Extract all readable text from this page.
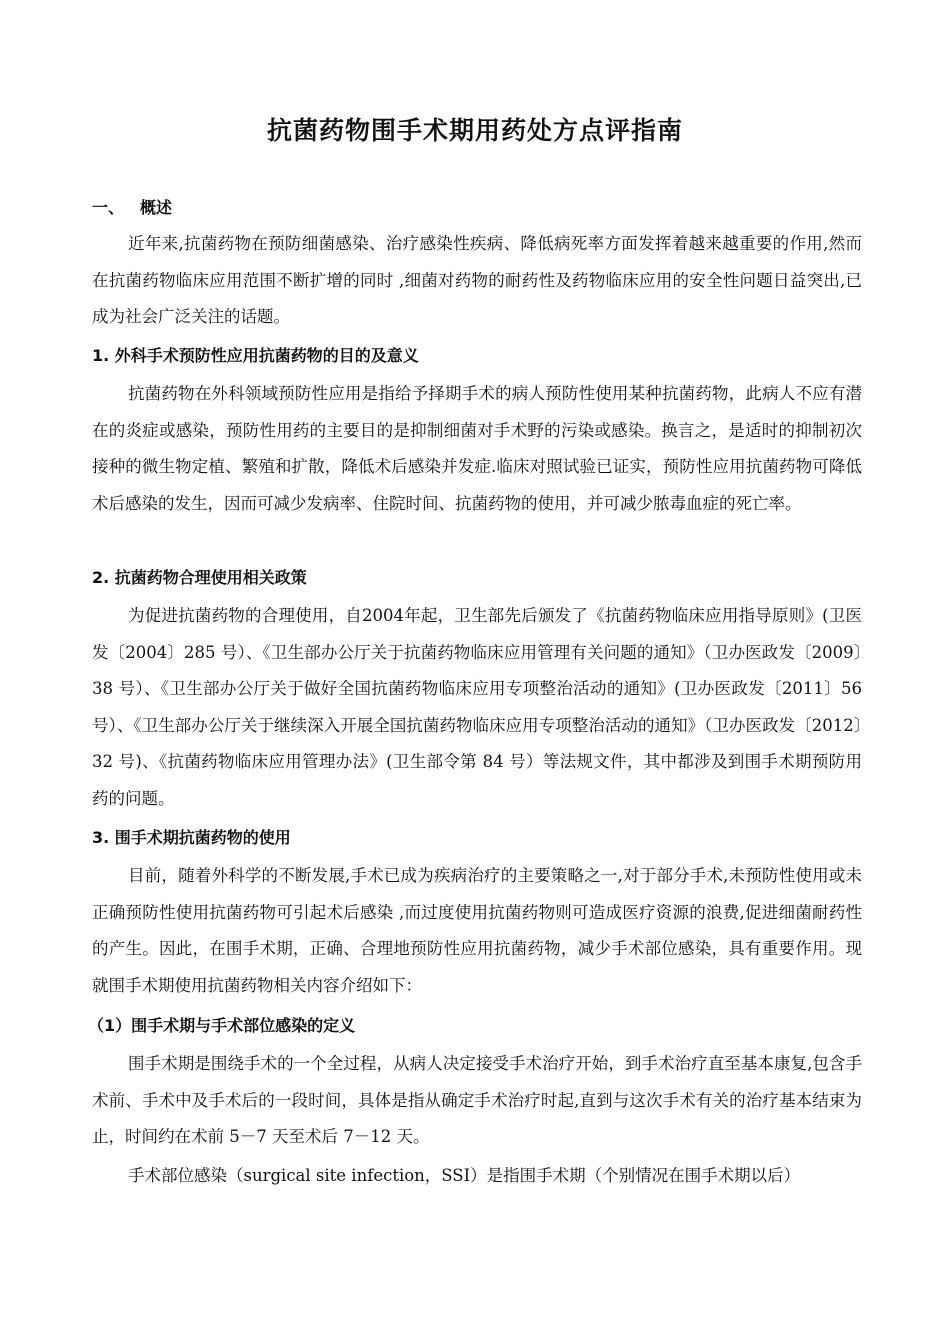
抗菌药物围手术期用药处方点评指南
一、 概述

近年来,抗菌药物在预防细菌感染、治疗感染性疾病、降低病死率方面发挥着越来越重要的作用,然而在抗菌药物临床应用范围不断扩增的同时 ,细菌对药物的耐药性及药物临床应用的安全性问题日益突出,已成为社会广泛关注的话题。

1. 外科手术预防性应用抗菌药物的目的及意义

抗菌药物在外科领域预防性应用是指给予择期手术的病人预防性使用某种抗菌药物，此病人不应有潜在的炎症或感染，预防性用药的主要目的是抑制细菌对手术野的污染或感染。换言之，是适时的抑制初次接种的微生物定植、繁殖和扩散，降低术后感染并发症.临床对照试验已证实，预防性应用抗菌药物可降低术后感染的发生，因而可减少发病率、住院时间、抗菌药物的使用，并可减少脓毒血症的死亡率。

2. 抗菌药物合理使用相关政策

为促进抗菌药物的合理使用，自2004年起，卫生部先后颁发了《抗菌药物临床应用指导原则》(卫医发〔2004〕285 号）、《卫生部办公厅关于抗菌药物临床应用管理有关问题的通知》（卫办医政发〔2009〕38 号）、《卫生部办公厅关于做好全国抗菌药物临床应用专项整治活动的通知》(卫办医政发〔2011〕56 号）、《卫生部办公厅关于继续深入开展全国抗菌药物临床应用专项整治活动的通知》（卫办医政发〔2012〕32 号)、《抗菌药物临床应用管理办法》(卫生部令第 84 号）等法规文件，其中都涉及到围手术期预防用药的问题。

3. 围手术期抗菌药物的使用

目前，随着外科学的不断发展,手术已成为疾病治疗的主要策略之一,对于部分手术,未预防性使用或未正确预防性使用抗菌药物可引起术后感染 ,而过度使用抗菌药物则可造成医疗资源的浪费,促进细菌耐药性的产生。因此，在围手术期，正确、合理地预防性应用抗菌药物，减少手术部位感染，具有重要作用。现就围手术期使用抗菌药物相关内容介绍如下：

（1）围手术期与手术部位感染的定义

围手术期是围绕手术的一个全过程，从病人决定接受手术治疗开始，到手术治疗直至基本康复,包含手术前、手术中及手术后的一段时间，具体是指从确定手术治疗时起,直到与这次手术有关的治疗基本结束为止，时间约在术前 5－7 天至术后 7－12 天。

手术部位感染（surgical site infection，SSI）是指围手术期（个别情况在围手术期以后）
